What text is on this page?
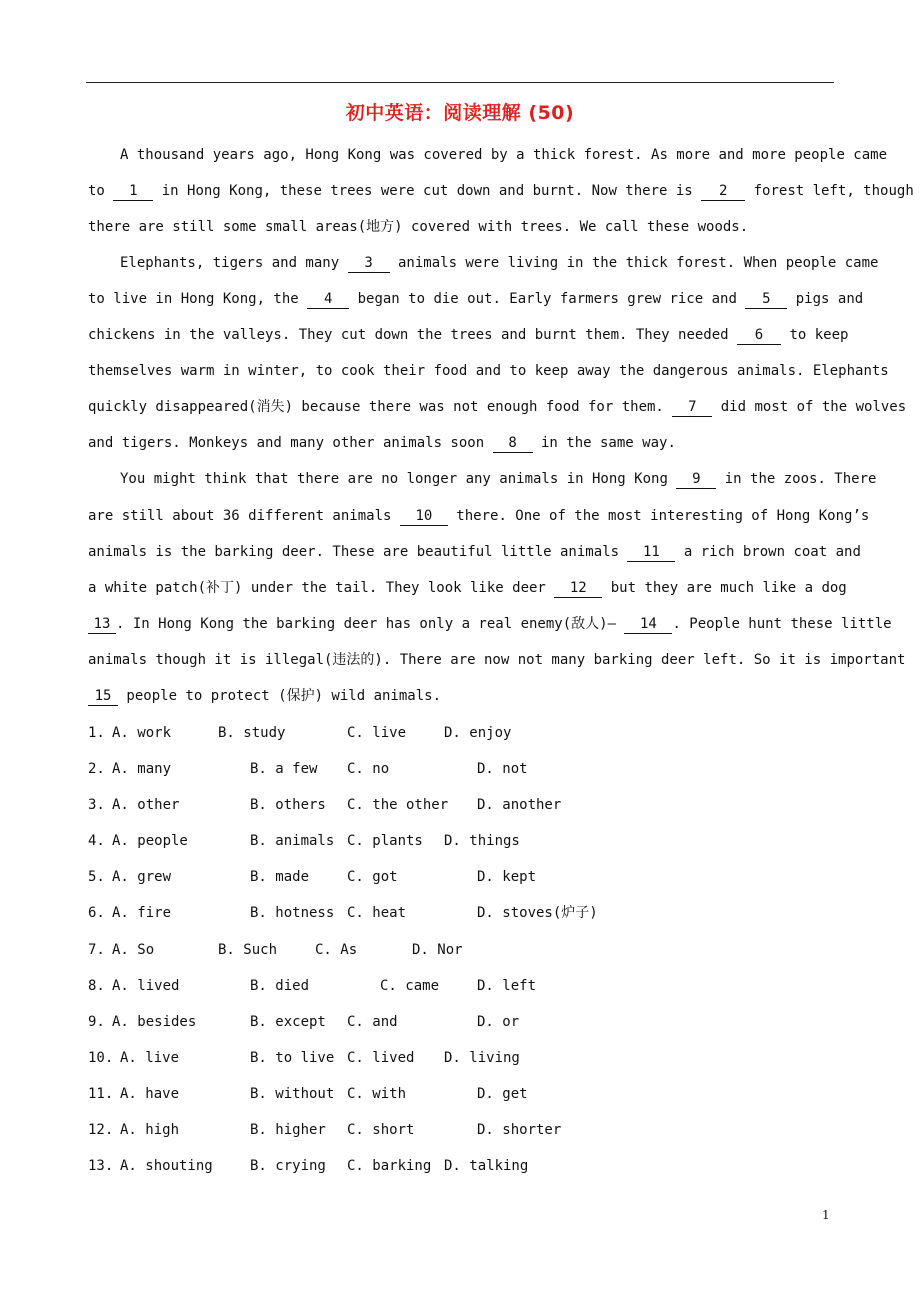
初中英语：阅读理解 (50)
A thousand years ago, Hong Kong was covered by a thick forest. As more and more people came
to 1 in Hong Kong, these trees were cut down and burnt. Now there is 2 forest left, though
there are still some small areas(地方) covered with trees. We call these woods.
Elephants, tigers and many 3 animals were living in the thick forest. When people came
to live in Hong Kong, the 4 began to die out. Early farmers grew rice and 5 pigs and
chickens in the valleys. They cut down the trees and burnt them. They needed 6 to keep
themselves warm in winter, to cook their food and to keep away the dangerous animals. Elephants
quickly disappeared(消失) because there was not enough food for them. 7 did most of the wolves
and tigers. Monkeys and many other animals soon 8 in the same way.
You might think that there are no longer any animals in Hong Kong 9 in the zoos. There
are still about 36 different animals 10 there. One of the most interesting of Hong Kong’s
animals is the barking deer. These are beautiful little animals 11 a rich brown coat and
a white patch(补丁) under the tail. They look like deer 12 but they are much like a dog
13 . In Hong Kong the barking deer has only a real enemy(敌人)— 14 . People hunt these little
animals though it is illegal(违法的). There are now not many barking deer left. So it is important
15 people to protect (保护) wild animals.
1. A. work	B. study	C. live	D. enjoy
2. A. many	B. a few C. no	D. not
3. A. other	B. others C. the other D. another
4. A. people	B. animals C. plants D. things
5. A. grew	B. made	C. got	D. kept
6. A. fire	B. hotness C. heat	D. stoves(炉子)
7. A. So	B. Such	C. As	D. Nor
8. A. lived	B. died	C. came	D. left
9. A. besides	B. except C. and	D. or
10. A. live	B. to live C. lived D. living
11. A. have	B. without C. with	D. get
12. A. high	B. higher C. short	D. shorter
13. A. shouting	B. crying C. barking D. talking
1
